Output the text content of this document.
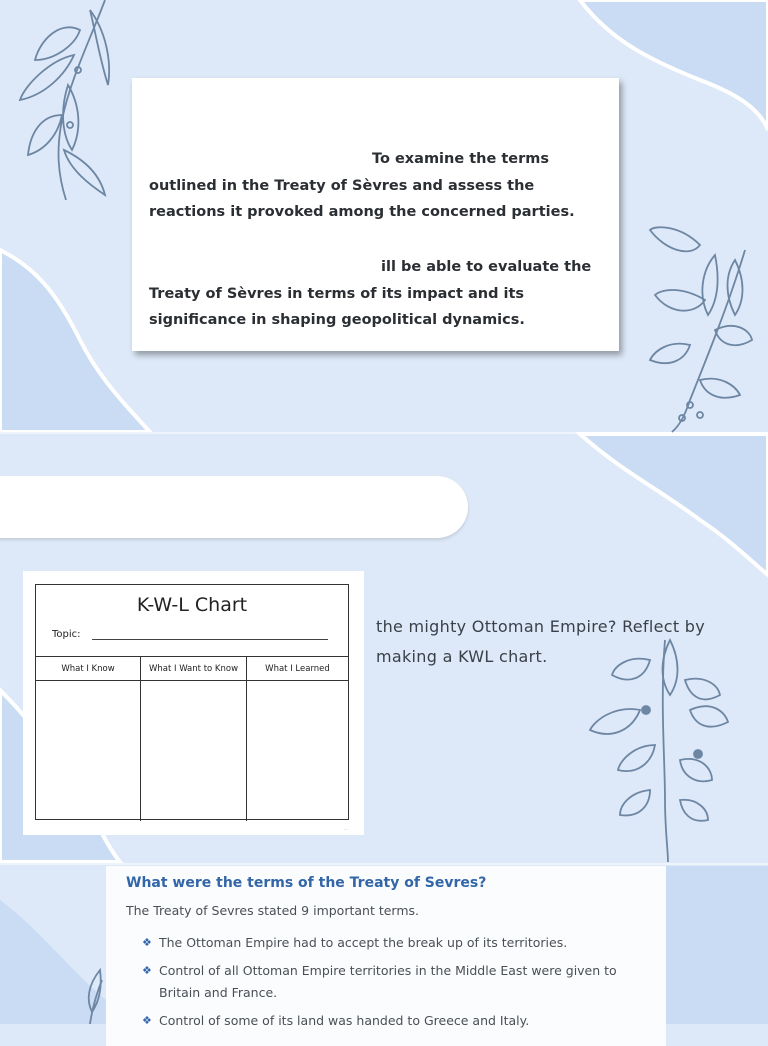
To examine the terms
outlined in the Treaty of Sèvres and assess the
reactions it provoked among the concerned parties.
ill be able to evaluate the
Treaty of Sèvres in terms of its impact and its
significance in shaping geopolitical dynamics.
K-W-L Chart
Topic:
What I Know	What I Want to Know	What I Learned
…
the mighty Ottoman Empire? Reflect by
making a KWL chart.
What were the terms of the Treaty of Sevres?
The Treaty of Sevres stated 9 important terms.
❖ The Ottoman Empire had to accept the break up of its territories.
❖ Control of all Ottoman Empire territories in the Middle East were given to Britain and France.
❖ Control of some of its land was handed to Greece and Italy.
